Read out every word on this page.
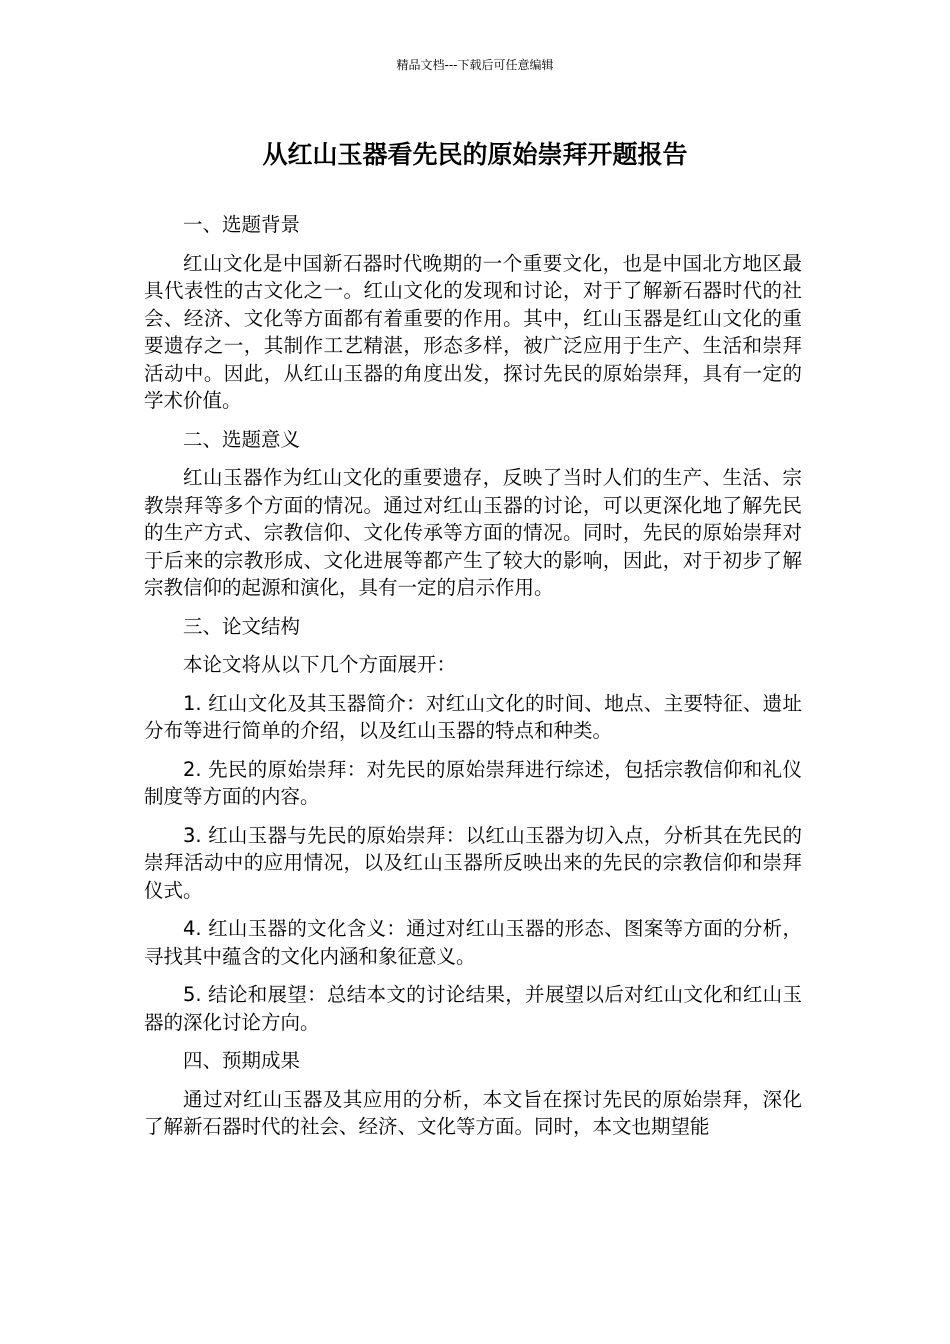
精品文档---下载后可任意编辑
从红山玉器看先民的原始崇拜开题报告

一、选题背景

红山文化是中国新石器时代晚期的一个重要文化，也是中国北方地区最具代表性的古文化之一。红山文化的发现和讨论，对于了解新石器时代的社会、经济、文化等方面都有着重要的作用。其中，红山玉器是红山文化的重要遗存之一，其制作工艺精湛，形态多样，被广泛应用于生产、生活和崇拜活动中。因此，从红山玉器的角度出发，探讨先民的原始崇拜，具有一定的学术价值。

二、选题意义

红山玉器作为红山文化的重要遗存，反映了当时人们的生产、生活、宗教崇拜等多个方面的情况。通过对红山玉器的讨论，可以更深化地了解先民的生产方式、宗教信仰、文化传承等方面的情况。同时，先民的原始崇拜对于后来的宗教形成、文化进展等都产生了较大的影响，因此，对于初步了解宗教信仰的起源和演化，具有一定的启示作用。

三、论文结构

本论文将从以下几个方面展开：

1. 红山文化及其玉器简介：对红山文化的时间、地点、主要特征、遗址分布等进行简单的介绍，以及红山玉器的特点和种类。

2. 先民的原始崇拜：对先民的原始崇拜进行综述，包括宗教信仰和礼仪制度等方面的内容。

3. 红山玉器与先民的原始崇拜：以红山玉器为切入点，分析其在先民的崇拜活动中的应用情况，以及红山玉器所反映出来的先民的宗教信仰和崇拜仪式。

4. 红山玉器的文化含义：通过对红山玉器的形态、图案等方面的分析，寻找其中蕴含的文化内涵和象征意义。

5. 结论和展望：总结本文的讨论结果，并展望以后对红山文化和红山玉器的深化讨论方向。

四、预期成果

通过对红山玉器及其应用的分析，本文旨在探讨先民的原始崇拜，深化了解新石器时代的社会、经济、文化等方面。同时，本文也期望能
